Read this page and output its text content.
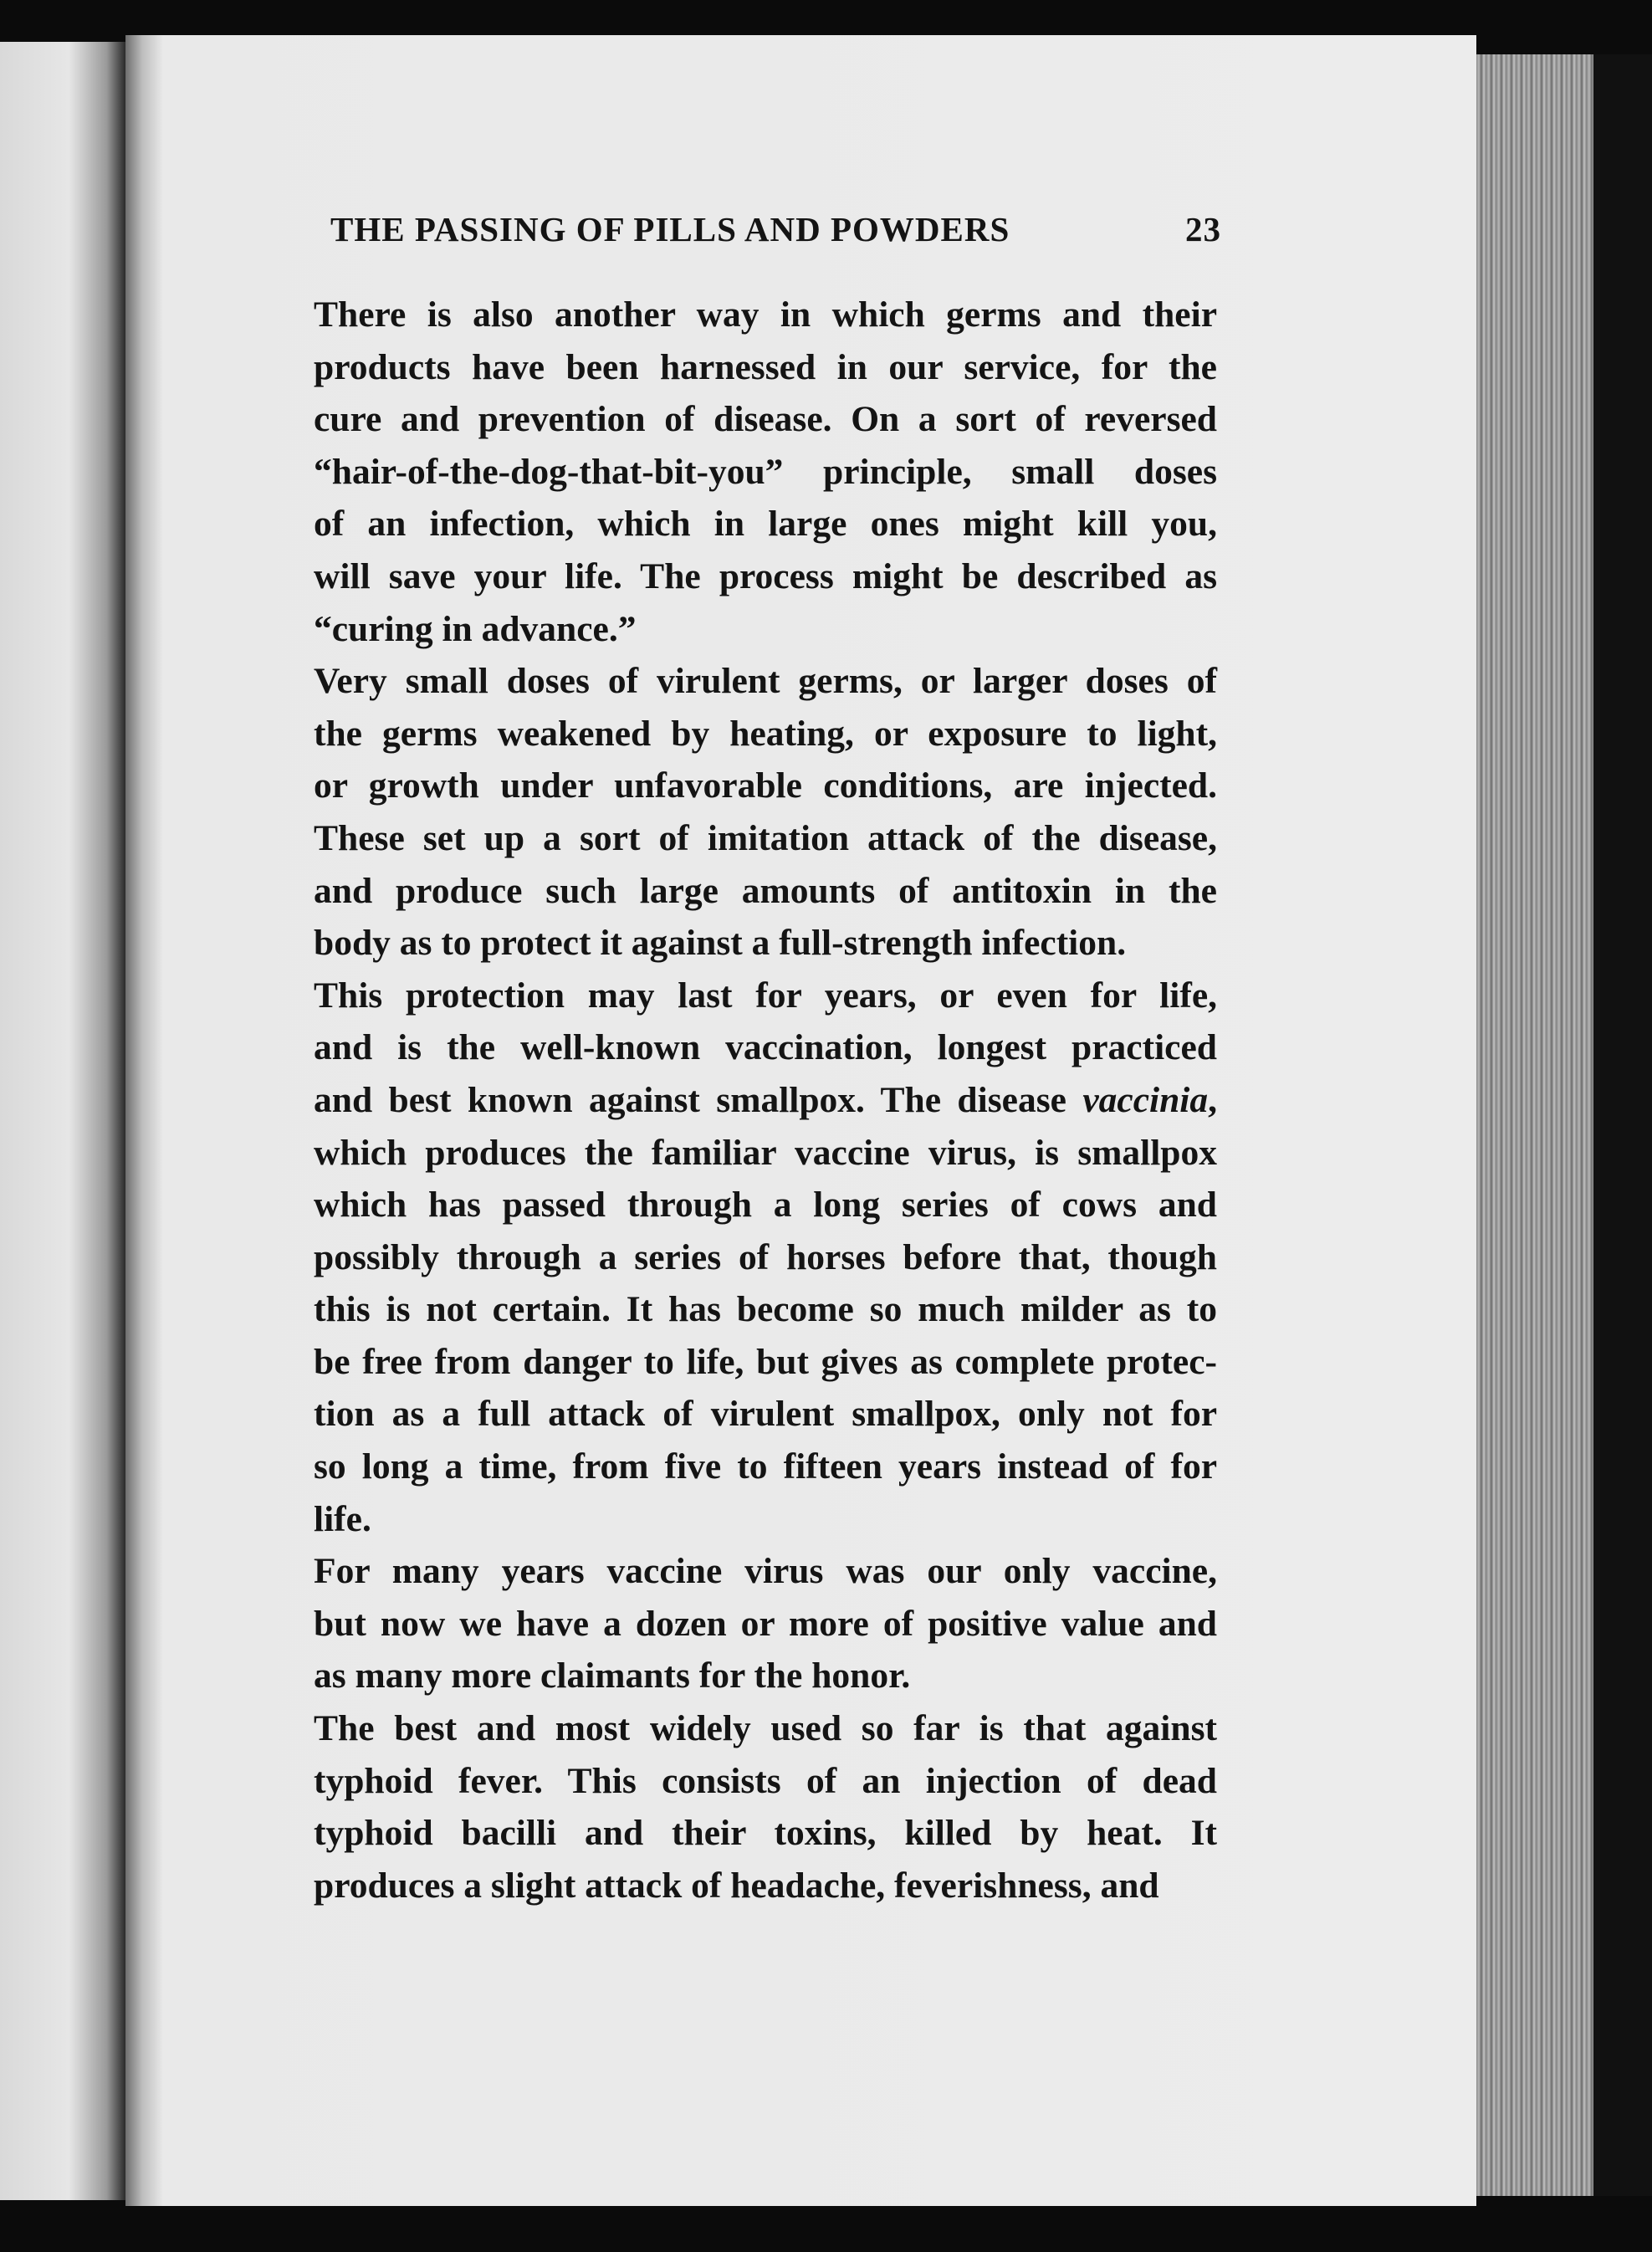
THE PASSING OF PILLS AND POWDERS	23

There is also another way in which germs and their
products have been harnessed in our service, for the
cure and prevention of disease. On a sort of reversed
“hair-of-the-dog-that-bit-you” principle, small doses
of an infection, which in large ones might kill you,
will save your life. The process might be described as
“curing in advance.”

Very small doses of virulent germs, or larger doses of
the germs weakened by heating, or exposure to light,
or growth under unfavorable conditions, are injected.
These set up a sort of imitation attack of the disease,
and produce such large amounts of antitoxin in the
body as to protect it against a full-strength infection.

This protection may last for years, or even for life,
and is the well-known vaccination, longest practiced
and best known against smallpox. The disease vaccinia,
which produces the familiar vaccine virus, is smallpox
which has passed through a long series of cows and
possibly through a series of horses before that, though
this is not certain. It has become so much milder as to
be free from danger to life, but gives as complete protec-
tion as a full attack of virulent smallpox, only not for
so long a time, from five to fifteen years instead of for
life.

For many years vaccine virus was our only vaccine,
but now we have a dozen or more of positive value and
as many more claimants for the honor.

The best and most widely used so far is that against
typhoid fever. This consists of an injection of dead
typhoid bacilli and their toxins, killed by heat. It
produces a slight attack of headache, feverishness, and
